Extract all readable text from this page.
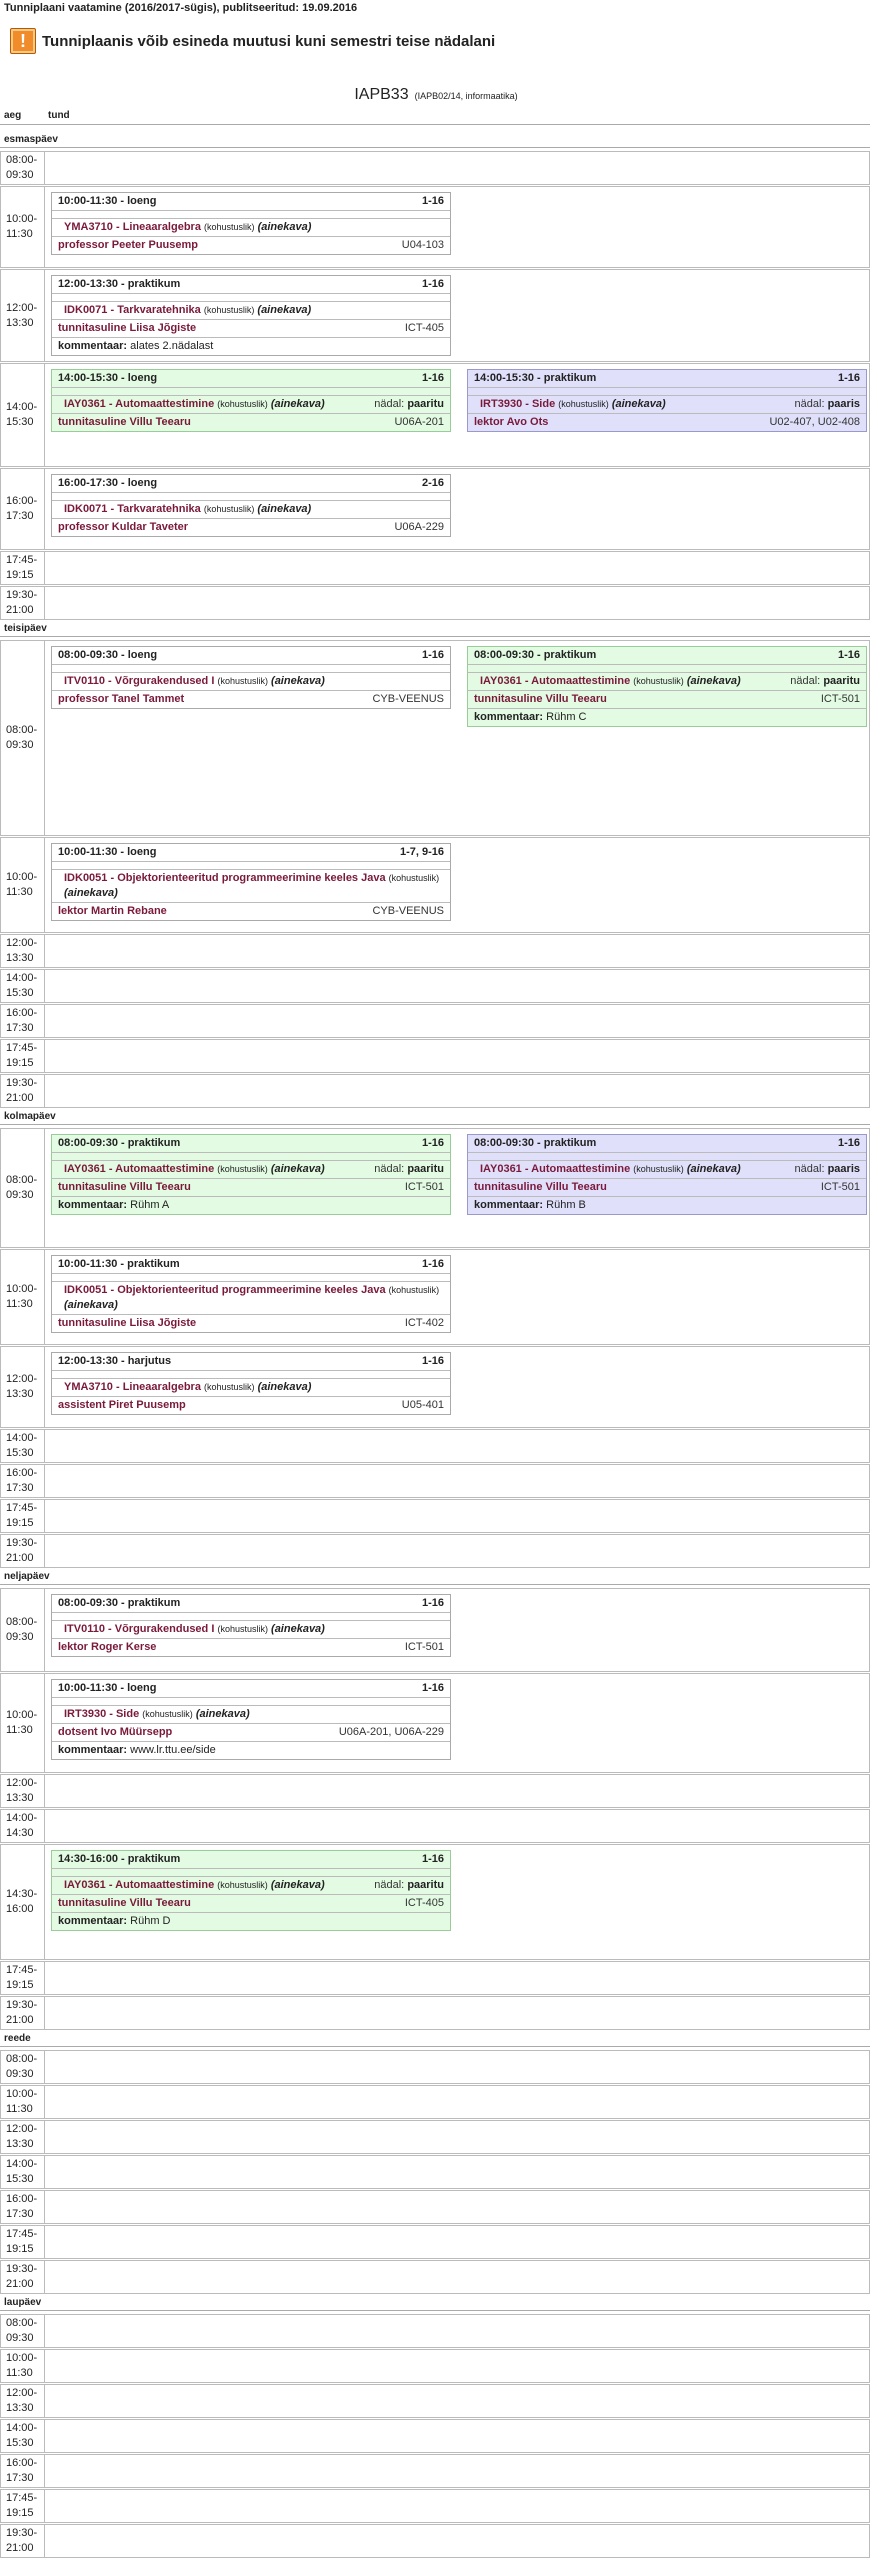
Tunniplaani vaatamine (2016/2017-sügis), publitseeritud: 19.09.2016
!	Tunniplaanis võib esineda muutusi kuni semestri teise nädalani
IAPB33 (IAPB02/14, informaatika)
aeg	tund
esmaspäev
08:00-
09:30
10:00-
11:30
10:00-11:30 - loeng	1-16
YMA3710 - Lineaaralgebra (kohustuslik) (ainekava)
professor Peeter Puusemp	U04-103
12:00-
13:30
12:00-13:30 - praktikum	1-16
IDK0071 - Tarkvaratehnika (kohustuslik) (ainekava)
tunnitasuline Liisa Jõgiste	ICT-405
kommentaar: alates 2.nädalast
14:00-
15:30
14:00-15:30 - loeng	1-16
IAY0361 - Automaattestimine (kohustuslik) (ainekava)	nädal: paaritu
tunnitasuline Villu Teearu	U06A-201
14:00-15:30 - praktikum	1-16
IRT3930 - Side (kohustuslik) (ainekava)	nädal: paaris
lektor Avo Ots	U02-407, U02-408
16:00-
17:30
16:00-17:30 - loeng	2-16
IDK0071 - Tarkvaratehnika (kohustuslik) (ainekava)
professor Kuldar Taveter	U06A-229
17:45-
19:15
19:30-
21:00
teisipäev
08:00-
09:30
08:00-09:30 - loeng	1-16
ITV0110 - Võrgurakendused I (kohustuslik) (ainekava)
professor Tanel Tammet	CYB-VEENUS
08:00-09:30 - praktikum	1-16
IAY0361 - Automaattestimine (kohustuslik) (ainekava)	nädal: paaritu
tunnitasuline Villu Teearu	ICT-501
kommentaar: Rühm C
10:00-
11:30
10:00-11:30 - loeng	1-7, 9-16
IDK0051 - Objektorienteeritud programmeerimine keeles Java (kohustuslik) (ainekava)
lektor Martin Rebane	CYB-VEENUS
12:00-
13:30
14:00-
15:30
16:00-
17:30
17:45-
19:15
19:30-
21:00
kolmapäev
08:00-
09:30
08:00-09:30 - praktikum	1-16
IAY0361 - Automaattestimine (kohustuslik) (ainekava)	nädal: paaritu
tunnitasuline Villu Teearu	ICT-501
kommentaar: Rühm A
08:00-09:30 - praktikum	1-16
IAY0361 - Automaattestimine (kohustuslik) (ainekava)	nädal: paaris
tunnitasuline Villu Teearu	ICT-501
kommentaar: Rühm B
10:00-
11:30
10:00-11:30 - praktikum	1-16
IDK0051 - Objektorienteeritud programmeerimine keeles Java (kohustuslik) (ainekava)
tunnitasuline Liisa Jõgiste	ICT-402
12:00-
13:30
12:00-13:30 - harjutus	1-16
YMA3710 - Lineaaralgebra (kohustuslik) (ainekava)
assistent Piret Puusemp	U05-401
14:00-
15:30
16:00-
17:30
17:45-
19:15
19:30-
21:00
neljapäev
08:00-
09:30
08:00-09:30 - praktikum	1-16
ITV0110 - Võrgurakendused I (kohustuslik) (ainekava)
lektor Roger Kerse	ICT-501
10:00-
11:30
10:00-11:30 - loeng	1-16
IRT3930 - Side (kohustuslik) (ainekava)
dotsent Ivo Müürsepp	U06A-201, U06A-229
kommentaar: www.lr.ttu.ee/side
12:00-
13:30
14:00-
14:30
14:30-
16:00
14:30-16:00 - praktikum	1-16
IAY0361 - Automaattestimine (kohustuslik) (ainekava)	nädal: paaritu
tunnitasuline Villu Teearu	ICT-405
kommentaar: Rühm D
17:45-
19:15
19:30-
21:00
reede
08:00-
09:30
10:00-
11:30
12:00-
13:30
14:00-
15:30
16:00-
17:30
17:45-
19:15
19:30-
21:00
laupäev
08:00-
09:30
10:00-
11:30
12:00-
13:30
14:00-
15:30
16:00-
17:30
17:45-
19:15
19:30-
21:00
